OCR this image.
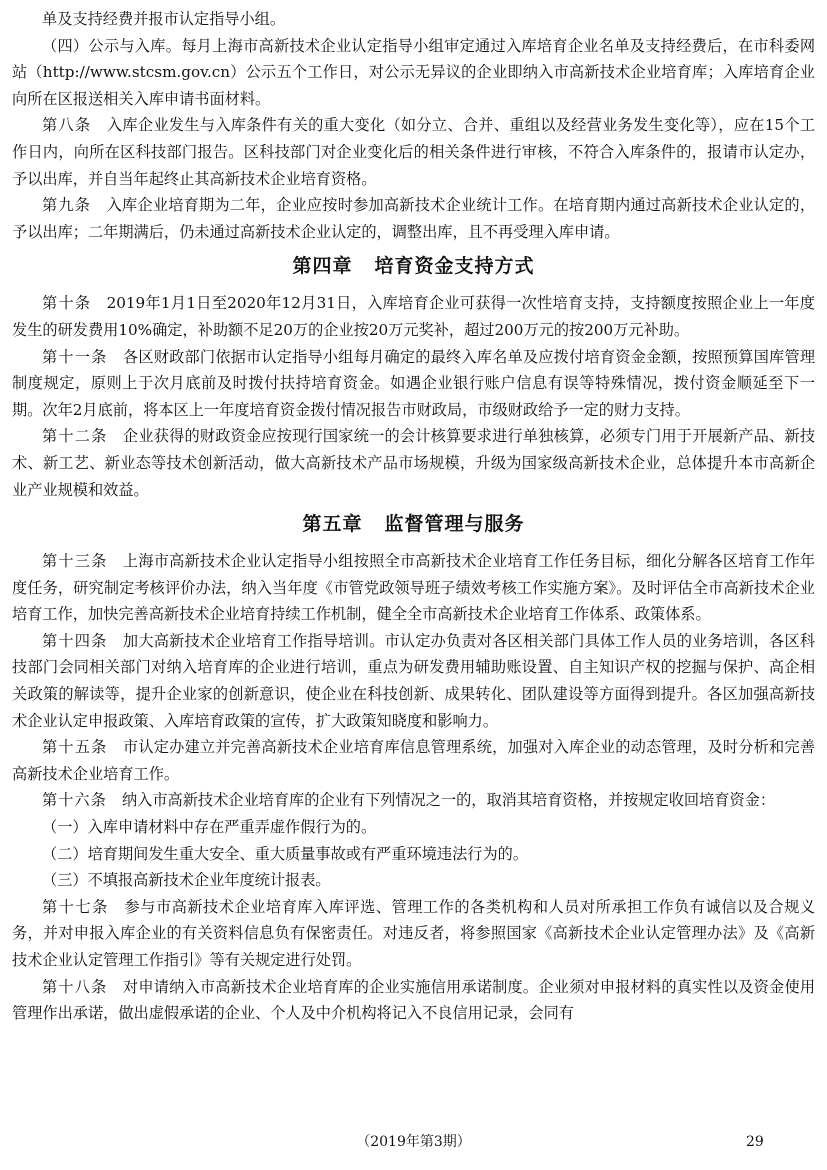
单及支持经费并报市认定指导小组。

（四）公示与入库。每月上海市高新技术企业认定指导小组审定通过入库培育企业名单及支持经费后，在市科委网站（http://www.stcsm.gov.cn）公示五个工作日，对公示无异议的企业即纳入市高新技术企业培育库；入库培育企业向所在区报送相关入库申请书面材料。

第八条  入库企业发生与入库条件有关的重大变化（如分立、合并、重组以及经营业务发生变化等），应在15个工作日内，向所在区科技部门报告。区科技部门对企业变化后的相关条件进行审核，不符合入库条件的，报请市认定办，予以出库，并自当年起终止其高新技术企业培育资格。

第九条  入库企业培育期为二年，企业应按时参加高新技术企业统计工作。在培育期内通过高新技术企业认定的，予以出库；二年期满后，仍未通过高新技术企业认定的，调整出库，且不再受理入库申请。

第四章 培育资金支持方式

第十条  2019年1月1日至2020年12月31日，入库培育企业可获得一次性培育支持，支持额度按照企业上一年度发生的研发费用10%确定，补助额不足20万的企业按20万元奖补，超过200万元的按200万元补助。

第十一条  各区财政部门依据市认定指导小组每月确定的最终入库名单及应拨付培育资金金额，按照预算国库管理制度规定，原则上于次月底前及时拨付扶持培育资金。如遇企业银行账户信息有误等特殊情况，拨付资金顺延至下一期。次年2月底前，将本区上一年度培育资金拨付情况报告市财政局，市级财政给予一定的财力支持。

第十二条  企业获得的财政资金应按现行国家统一的会计核算要求进行单独核算，必须专门用于开展新产品、新技术、新工艺、新业态等技术创新活动，做大高新技术产品市场规模，升级为国家级高新技术企业，总体提升本市高新企业产业规模和效益。

第五章 监督管理与服务

第十三条  上海市高新技术企业认定指导小组按照全市高新技术企业培育工作任务目标，细化分解各区培育工作年度任务，研究制定考核评价办法，纳入当年度《市管党政领导班子绩效考核工作实施方案》。及时评估全市高新技术企业培育工作，加快完善高新技术企业培育持续工作机制，健全全市高新技术企业培育工作体系、政策体系。

第十四条  加大高新技术企业培育工作指导培训。市认定办负责对各区相关部门具体工作人员的业务培训，各区科技部门会同相关部门对纳入培育库的企业进行培训，重点为研发费用辅助账设置、自主知识产权的挖掘与保护、高企相关政策的解读等，提升企业家的创新意识，使企业在科技创新、成果转化、团队建设等方面得到提升。各区加强高新技术企业认定申报政策、入库培育政策的宣传，扩大政策知晓度和影响力。

第十五条  市认定办建立并完善高新技术企业培育库信息管理系统，加强对入库企业的动态管理，及时分析和完善高新技术企业培育工作。

第十六条  纳入市高新技术企业培育库的企业有下列情况之一的，取消其培育资格，并按规定收回培育资金：

（一）入库申请材料中存在严重弄虚作假行为的。

（二）培育期间发生重大安全、重大质量事故或有严重环境违法行为的。

（三）不填报高新技术企业年度统计报表。

第十七条  参与市高新技术企业培育库入库评选、管理工作的各类机构和人员对所承担工作负有诚信以及合规义务，并对申报入库企业的有关资料信息负有保密责任。对违反者，将参照国家《高新技术企业认定管理办法》及《高新技术企业认定管理工作指引》等有关规定进行处罚。

第十八条  对申请纳入市高新技术企业培育库的企业实施信用承诺制度。企业须对申报材料的真实性以及资金使用管理作出承诺，做出虚假承诺的企业、个人及中介机构将记入不良信用记录，会同有

（2019年第3期）	29
